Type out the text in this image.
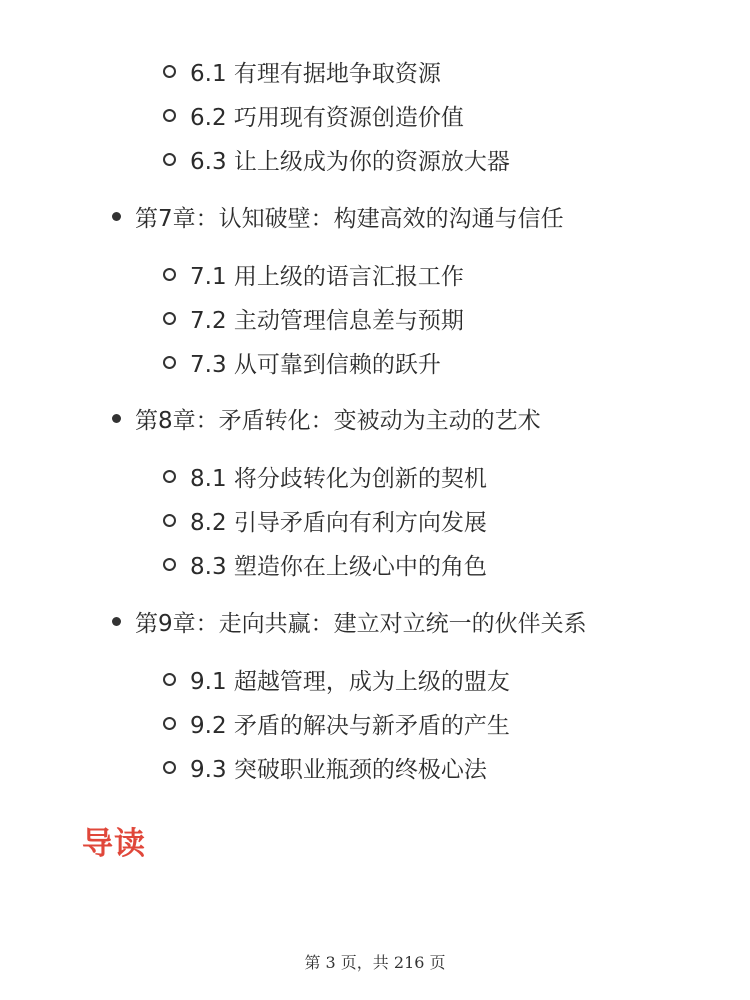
6.1 有理有据地争取资源
6.2 巧用现有资源创造价值
6.3 让上级成为你的资源放大器
第7章：认知破壁：构建高效的沟通与信任
7.1 用上级的语言汇报工作
7.2 主动管理信息差与预期
7.3 从可靠到信赖的跃升
第8章：矛盾转化：变被动为主动的艺术
8.1 将分歧转化为创新的契机
8.2 引导矛盾向有利方向发展
8.3 塑造你在上级心中的角色
第9章：走向共赢：建立对立统一的伙伴关系
9.1 超越管理，成为上级的盟友
9.2 矛盾的解决与新矛盾的产生
9.3 突破职业瓶颈的终极心法
导读
第 3 页，共 216 页
